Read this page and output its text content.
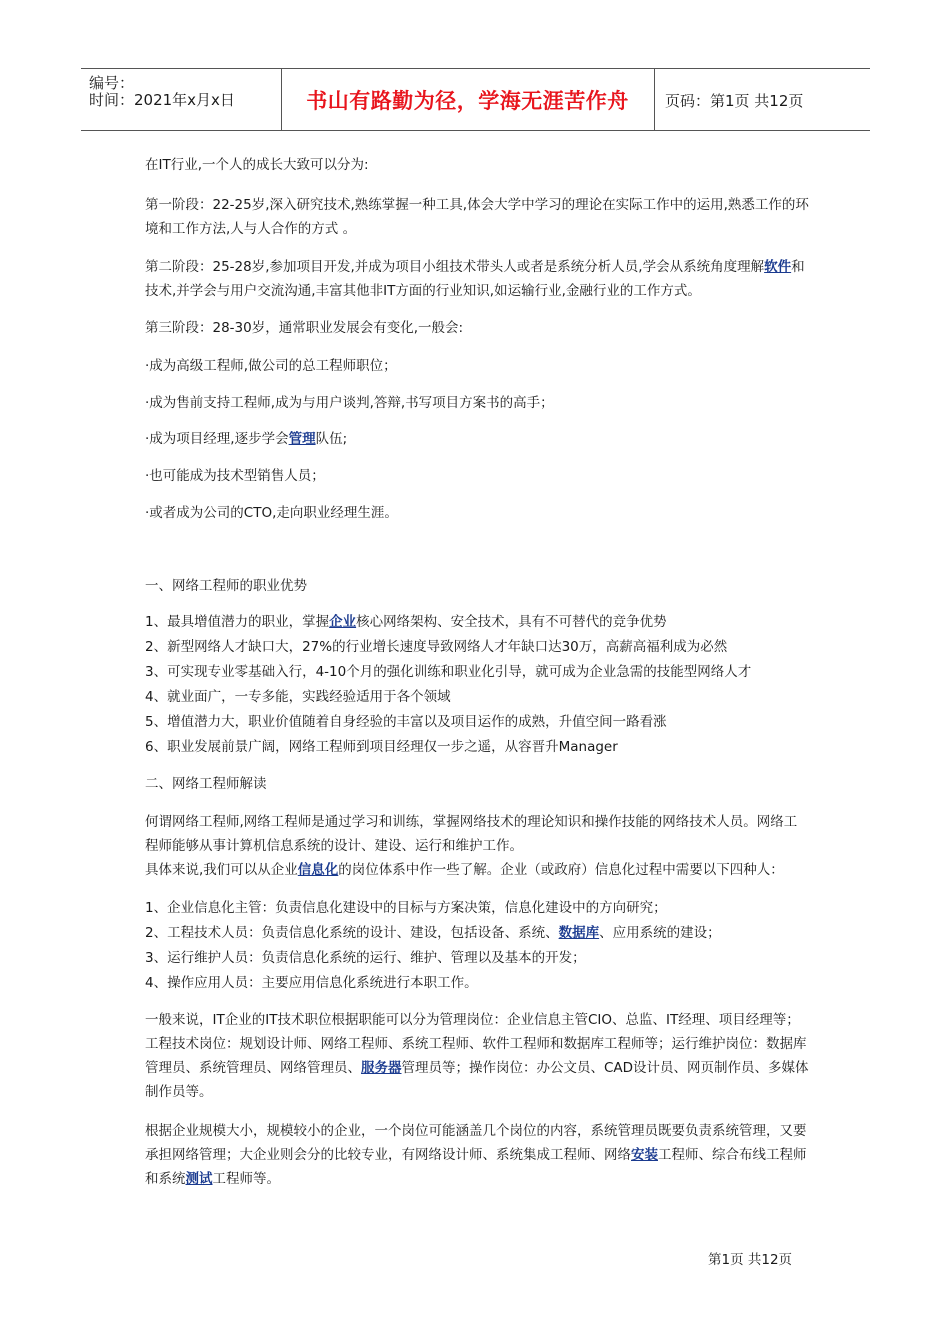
编号：
时间：2021年x月x日	书山有路勤为径，学海无涯苦作舟	页码：第1页 共12页
在IT行业,一个人的成长大致可以分为:
第一阶段：22-25岁,深入研究技术,熟练掌握一种工具,体会大学中学习的理论在实际工作中的运用,熟悉工作的环境和工作方法,人与人合作的方式 。
第二阶段：25-28岁,参加项目开发,并成为项目小组技术带头人或者是系统分析人员,学会从系统角度理解软件和技术,并学会与用户交流沟通,丰富其他非IT方面的行业知识,如运输行业,金融行业的工作方式。
第三阶段：28-30岁，通常职业发展会有变化,一般会:
·成为高级工程师,做公司的总工程师职位；
·成为售前支持工程师,成为与用户谈判,答辩,书写项目方案书的高手；
·成为项目经理,逐步学会管理队伍;
·也可能成为技术型销售人员；
·或者成为公司的CTO,走向职业经理生涯。
一、网络工程师的职业优势
1、最具增值潜力的职业，掌握企业核心网络架构、安全技术，具有不可替代的竞争优势
2、新型网络人才缺口大，27%的行业增长速度导致网络人才年缺口达30万，高薪高福利成为必然
3、可实现专业零基础入行，4-10个月的强化训练和职业化引导，就可成为企业急需的技能型网络人才
4、就业面广，一专多能，实践经验适用于各个领域
5、增值潜力大，职业价值随着自身经验的丰富以及项目运作的成熟，升值空间一路看涨
6、职业发展前景广阔，网络工程师到项目经理仅一步之遥，从容晋升Manager
二、网络工程师解读
何谓网络工程师,网络工程师是通过学习和训练，掌握网络技术的理论知识和操作技能的网络技术人员。网络工程师能够从事计算机信息系统的设计、建设、运行和维护工作。
具体来说,我们可以从企业信息化的岗位体系中作一些了解。企业（或政府）信息化过程中需要以下四种人：
1、企业信息化主管：负责信息化建设中的目标与方案决策，信息化建设中的方向研究；
2、工程技术人员：负责信息化系统的设计、建设，包括设备、系统、数据库、应用系统的建设；
3、运行维护人员：负责信息化系统的运行、维护、管理以及基本的开发；
4、操作应用人员：主要应用信息化系统进行本职工作。
一般来说，IT企业的IT技术职位根据职能可以分为管理岗位：企业信息主管CIO、总监、IT经理、项目经理等；工程技术岗位：规划设计师、网络工程师、系统工程师、软件工程师和数据库工程师等；运行维护岗位：数据库管理员、系统管理员、网络管理员、服务器管理员等；操作岗位：办公文员、CAD设计员、网页制作员、多媒体制作员等。
根据企业规模大小，规模较小的企业，一个岗位可能涵盖几个岗位的内容，系统管理员既要负责系统管理，又要承担网络管理；大企业则会分的比较专业，有网络设计师、系统集成工程师、网络安装工程师、综合布线工程师和系统测试工程师等。
第1页 共12页
